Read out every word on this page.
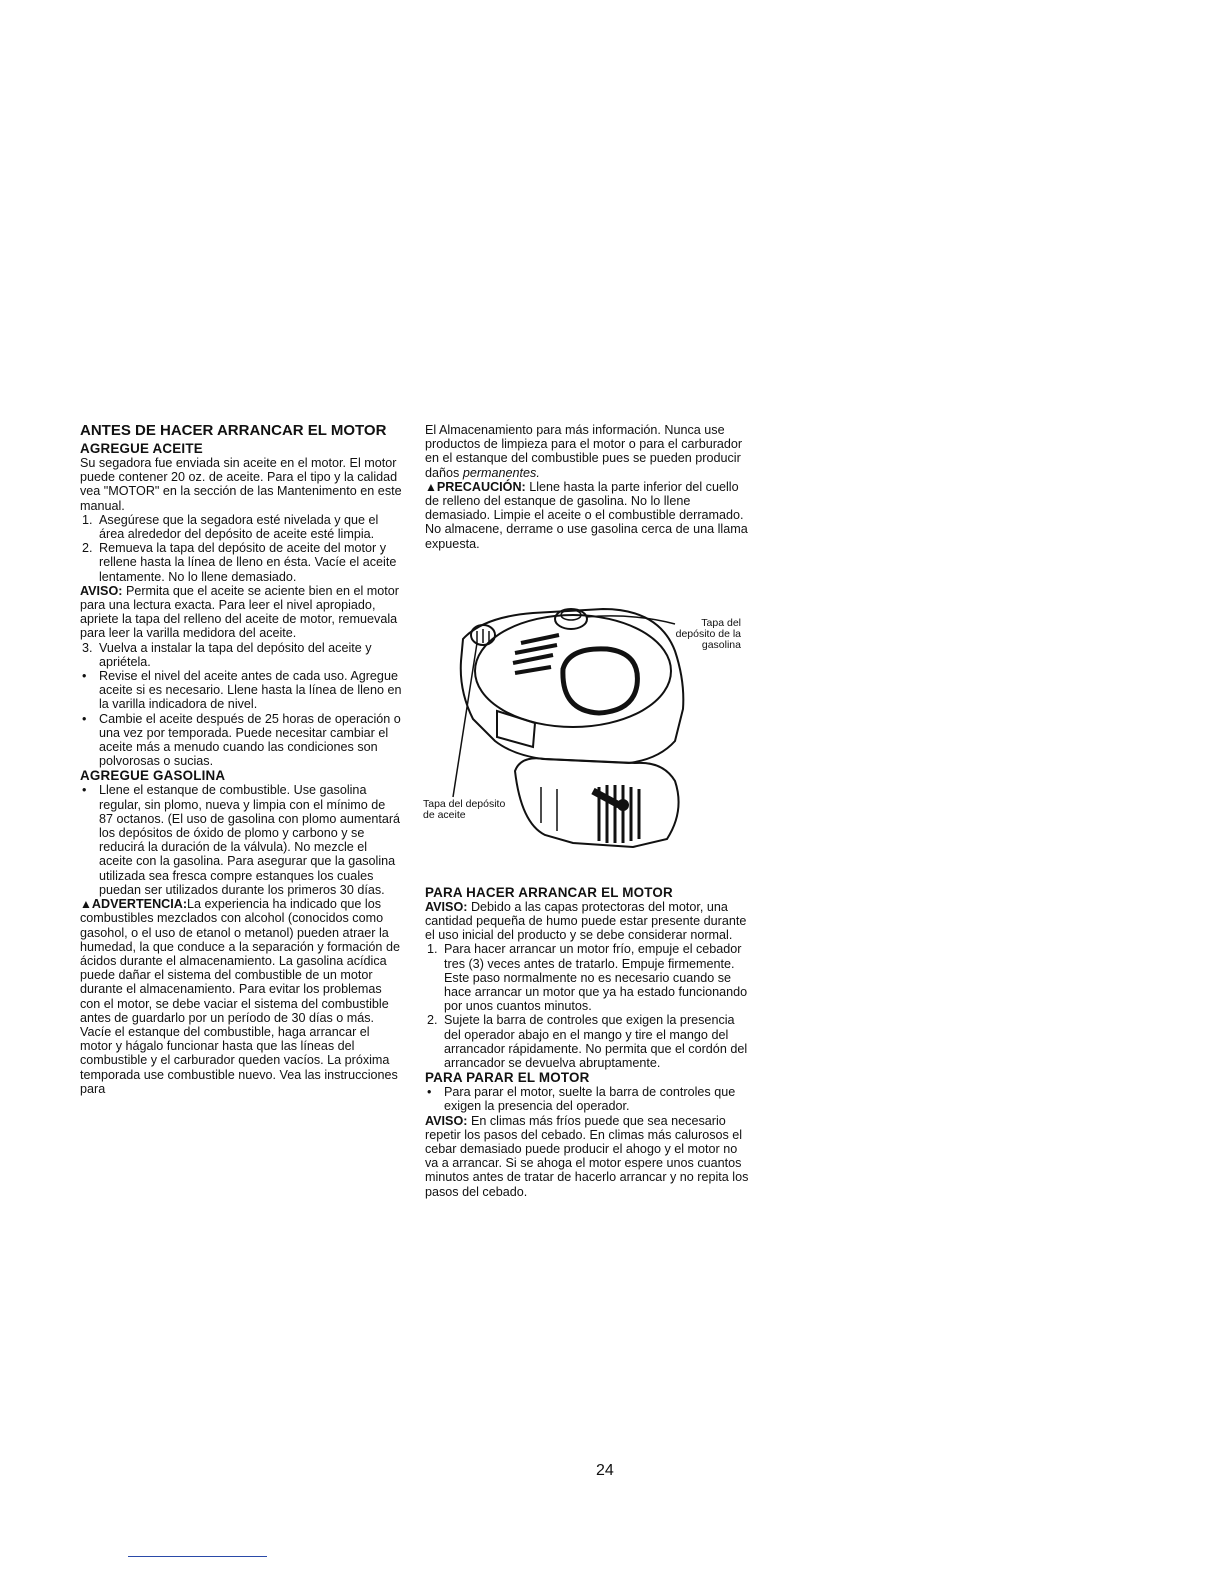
ANTES DE HACER ARRANCAR EL MOTOR

AGREGUE ACEITE

Su segadora fue enviada sin aceite en el motor. El motor puede contener 20 oz. de aceite. Para el tipo y la calidad vea "MOTOR" en la sección de las Mantenimento en este manual.

1. Asegúrese que la segadora esté nivelada y que el área alrededor del depósito de aceite esté limpia.
2. Remueva la tapa del depósito de aceite del motor y rellene hasta la línea de lleno en ésta. Vacíe el aceite lentamente. No lo llene demasiado.

AVISO: Permita que el aceite se aciente bien en el motor para una lectura exacta. Para leer el nivel apropiado, apriete la tapa del relleno del aceite de motor, remuevala para leer la varilla medidora del aceite.

3. Vuelva a instalar la tapa del depósito del aceite y apriétela.
• Revise el nivel del aceite antes de cada uso. Agregue aceite si es necesario. Llene hasta la línea de lleno en la varilla indicadora de nivel.
• Cambie el aceite después de 25 horas de operación o una vez por temporada. Puede necesitar cambiar el aceite más a menudo cuando las condiciones son polvorosas o sucias.

AGREGUE GASOLINA

• Llene el estanque de combustible. Use gasolina regular, sin plomo, nueva y limpia con el mínimo de 87 octanos. (El uso de gasolina con plomo aumentará los depósitos de óxido de plomo y carbono y se reducirá la duración de la válvula). No mezcle el aceite con la gasolina. Para asegurar que la gasolina utilizada sea fresca compre estanques los cuales puedan ser utilizados durante los primeros 30 días.

▲ADVERTENCIA:La experiencia ha indicado que los combustibles mezclados con alcohol (conocidos como gasohol, o el uso de etanol o metanol) pueden atraer la humedad, la que conduce a la separación y formación de ácidos durante el almacenamiento. La gasolina acídica puede dañar el sistema del combustible de un motor durante el almacenamiento. Para evitar los problemas con el motor, se debe vaciar el sistema del combustible antes de guardarlo por un período de 30 días o más. Vacíe el estanque del combustible, haga arrancar el motor y hágalo funcionar hasta que las líneas del combustible y el carburador queden vacíos. La próxima temporada use combustible nuevo. Vea las instrucciones para

El Almacenamiento para más información. Nunca use productos de limpieza para el motor o para el carburador en el estanque del combustible pues se pueden producir daños permanentes.

▲PRECAUCIÓN: Llene hasta la parte inferior del cuello de relleno del estanque de gasolina. No lo llene demasiado. Limpie el aceite o el combustible derramado. No almacene, derrame o use gasolina cerca de una llama expuesta.

Tapa del depósito de la gasolina
Tapa del depósito de aceite

PARA HACER ARRANCAR EL MOTOR

AVISO: Debido a las capas protectoras del motor, una cantidad pequeña de humo puede estar presente durante el uso inicial del producto y se debe considerar normal.

1. Para hacer arrancar un motor frío, empuje el cebador tres (3) veces antes de tratarlo. Empuje firmemente. Este paso normalmente no es necesario cuando se hace arrancar un motor que ya ha estado funcionando por unos cuantos minutos.
2. Sujete la barra de controles que exigen la presencia del operador abajo en el mango y tire el mango del arrancador rápidamente. No permita que el cordón del arrancador se devuelva abruptamente.

PARA PARAR EL MOTOR

• Para parar el motor, suelte la barra de controles que exigen la presencia del operador.

AVISO: En climas más fríos puede que sea necesario repetir los pasos del cebado. En climas más calurosos el cebar demasiado puede producir el ahogo y el motor no va a arrancar. Si se ahoga el motor espere unos cuantos minutos antes de tratar de hacerlo arrancar y no repita los pasos del cebado.

24
